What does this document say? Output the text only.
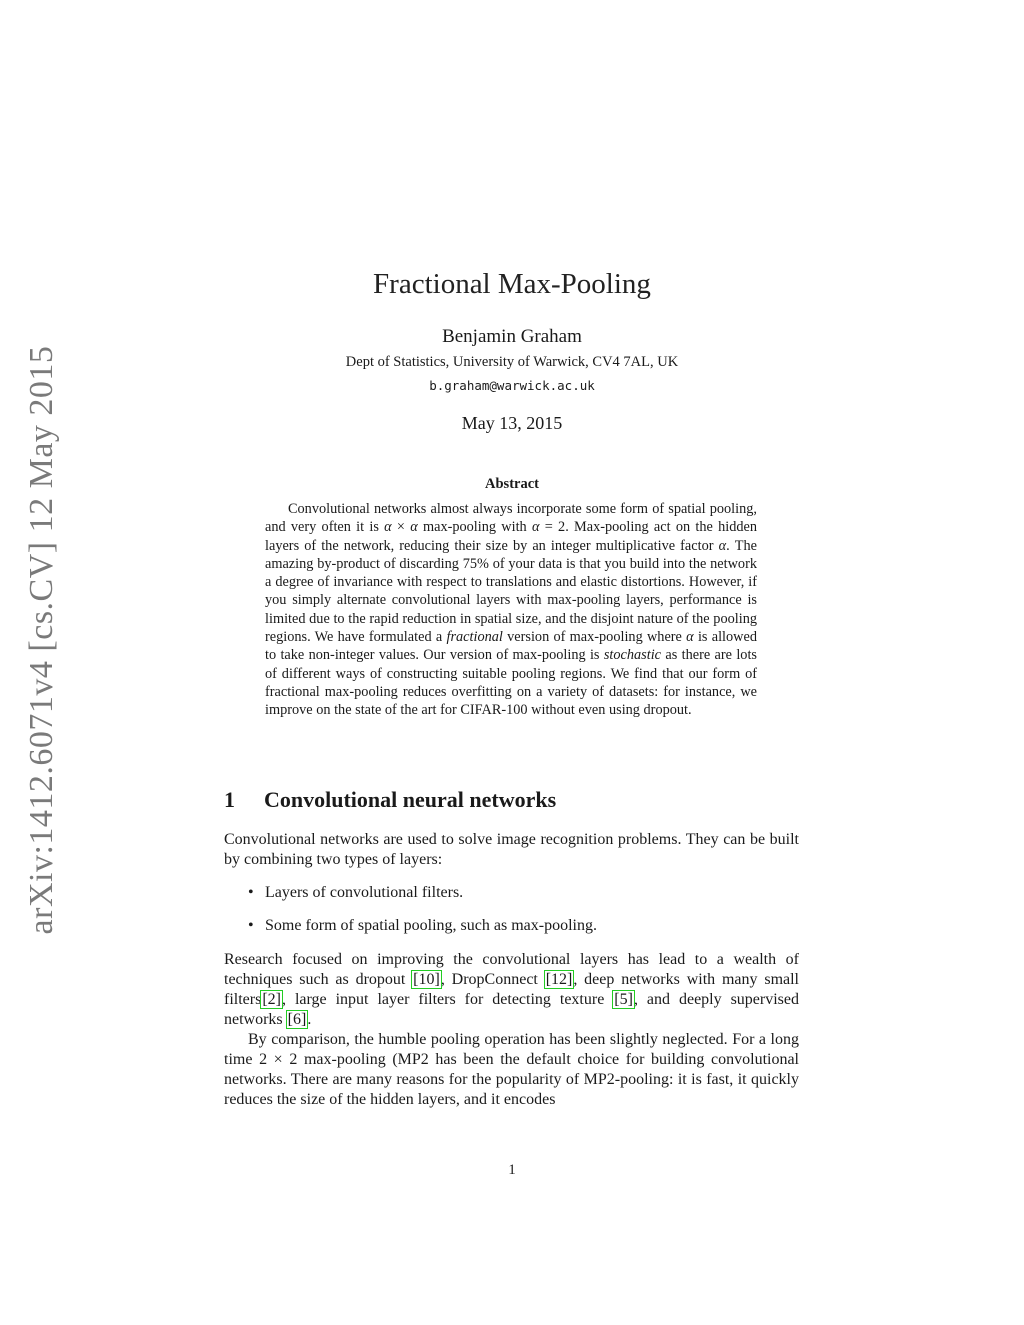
arXiv:1412.6071v4 [cs.CV] 12 May 2015
Fractional Max-Pooling
Benjamin Graham
Dept of Statistics, University of Warwick, CV4 7AL, UK
b.graham@warwick.ac.uk
May 13, 2015
Abstract
Convolutional networks almost always incorporate some form of spatial pooling, and very often it is α × α max-pooling with α = 2. Max-pooling act on the hidden layers of the network, reducing their size by an integer multiplicative factor α. The amazing by-product of discarding 75% of your data is that you build into the network a degree of invariance with respect to translations and elastic distortions. However, if you simply alternate convolutional layers with max-pooling layers, performance is limited due to the rapid reduction in spatial size, and the disjoint nature of the pooling regions. We have formulated a fractional version of max-pooling where α is allowed to take non-integer values. Our version of max-pooling is stochastic as there are lots of different ways of constructing suitable pooling regions. We find that our form of fractional max-pooling reduces overfitting on a variety of datasets: for instance, we improve on the state of the art for CIFAR-100 without even using dropout.
1 Convolutional neural networks
Convolutional networks are used to solve image recognition problems. They can be built by combining two types of layers:
• Layers of convolutional filters.
• Some form of spatial pooling, such as max-pooling.
Research focused on improving the convolutional layers has lead to a wealth of techniques such as dropout [10], DropConnect [12], deep networks with many small filters[2], large input layer filters for detecting texture [5], and deeply supervised networks [6].
By comparison, the humble pooling operation has been slightly neglected. For a long time 2 × 2 max-pooling (MP2 has been the default choice for building convolutional networks. There are many reasons for the popularity of MP2-pooling: it is fast, it quickly reduces the size of the hidden layers, and it encodes
1
